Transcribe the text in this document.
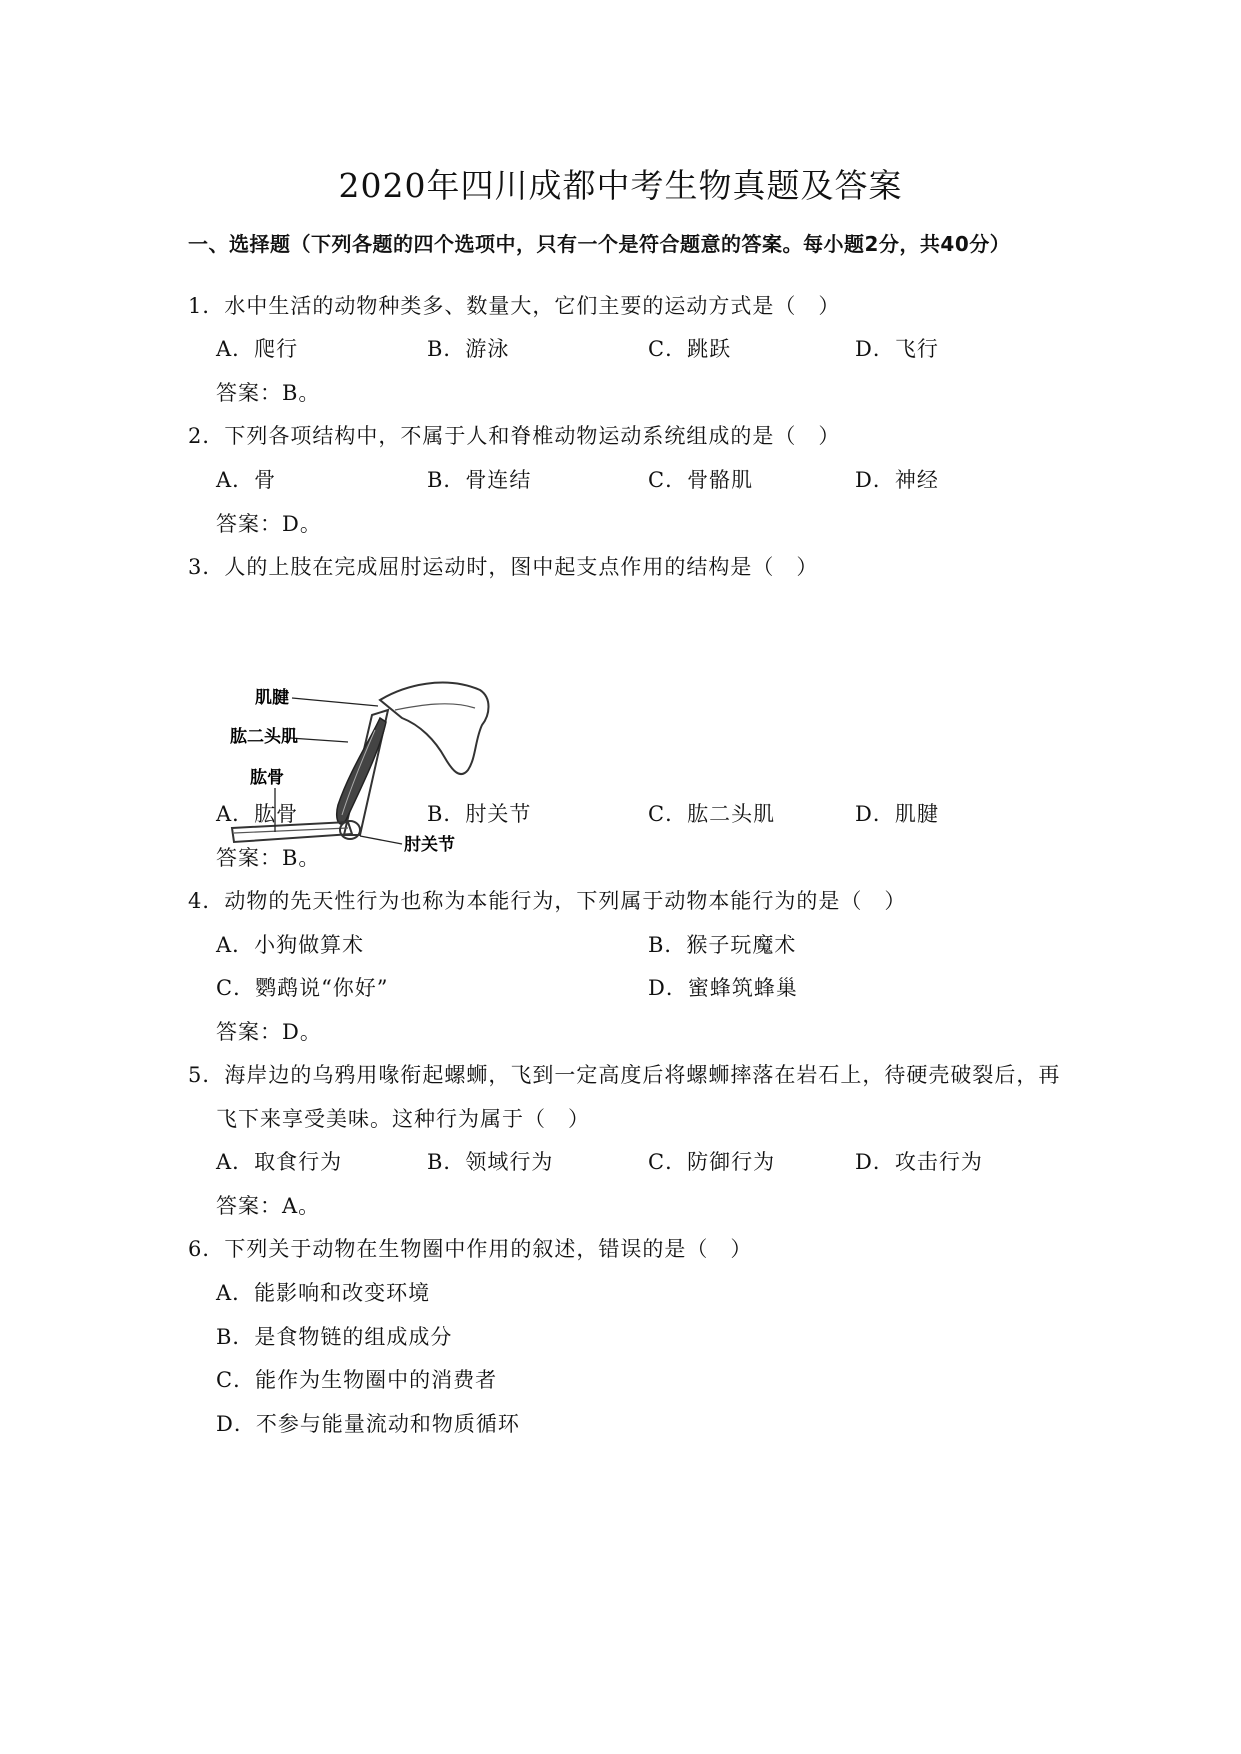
2020年四川成都中考生物真题及答案
一、选择题（下列各题的四个选项中，只有一个是符合题意的答案。每小题2分，共40分）
1．水中生活的动物种类多、数量大，它们主要的运动方式是（　）
A．爬行	B．游泳	C．跳跃	D．飞行
答案：B。
2．下列各项结构中，不属于人和脊椎动物运动系统组成的是（　）
A．骨	B．骨连结	C．骨骼肌	D．神经
答案：D。
3．人的上肢在完成屈肘运动时，图中起支点作用的结构是（　）
肌腱
肱二头肌
肱骨
肘关节
A．肱骨	B．肘关节	C．肱二头肌	D．肌腱
答案：B。
4．动物的先天性行为也称为本能行为，下列属于动物本能行为的是（　）
A．小狗做算术	B．猴子玩魔术
C．鹦鹉说“你好”	D．蜜蜂筑蜂巢
答案：D。
5．海岸边的乌鸦用喙衔起螺蛳，飞到一定高度后将螺蛳摔落在岩石上，待硬壳破裂后，再
飞下来享受美味。这种行为属于（　）
A．取食行为	B．领域行为	C．防御行为	D．攻击行为
答案：A。
6．下列关于动物在生物圈中作用的叙述，错误的是（　）
A．能影响和改变环境
B．是食物链的组成成分
C．能作为生物圈中的消费者
D．不参与能量流动和物质循环
